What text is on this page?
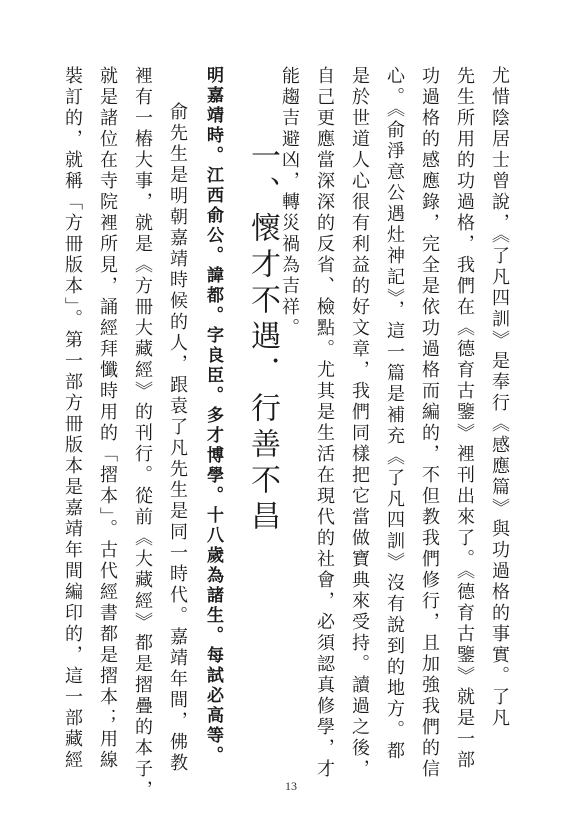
尤惜陰居士曾說，《了凡四訓》是奉行《感應篇》與功過格的事實。了凡
先生所用的功過格，我們在《德育古鑒》裡刊出來了。《德育古鑒》就是一部
功過格的感應錄，完全是依功過格而編的，不但教我們修行，且加強我們的信
心。《俞淨意公遇灶神記》，這一篇是補充《了凡四訓》沒有說到的地方。都
是於世道人心很有利益的好文章，我們同樣把它當做寶典來受持。讀過之後，
自己更應當深深的反省、檢點。尤其是生活在現代的社會，必須認真修學，才
能趨吉避凶，轉災禍為吉祥。
一、懷才不遇．行善不昌
明嘉靖時。江西俞公。諱都。字良臣。多才博學。十八歲為諸生。每試必高等。
俞先生是明朝嘉靖時候的人，跟袁了凡先生是同一時代。嘉靖年間，佛教
裡有一樁大事，就是《方冊大藏經》的刊行。從前《大藏經》都是摺疊的本子，
就是諸位在寺院裡所見，誦經拜懺時用的「摺本」。古代經書都是摺本；用線
裝訂的，就稱「方冊版本」。第一部方冊版本是嘉靖年間編印的，這一部藏經
13
